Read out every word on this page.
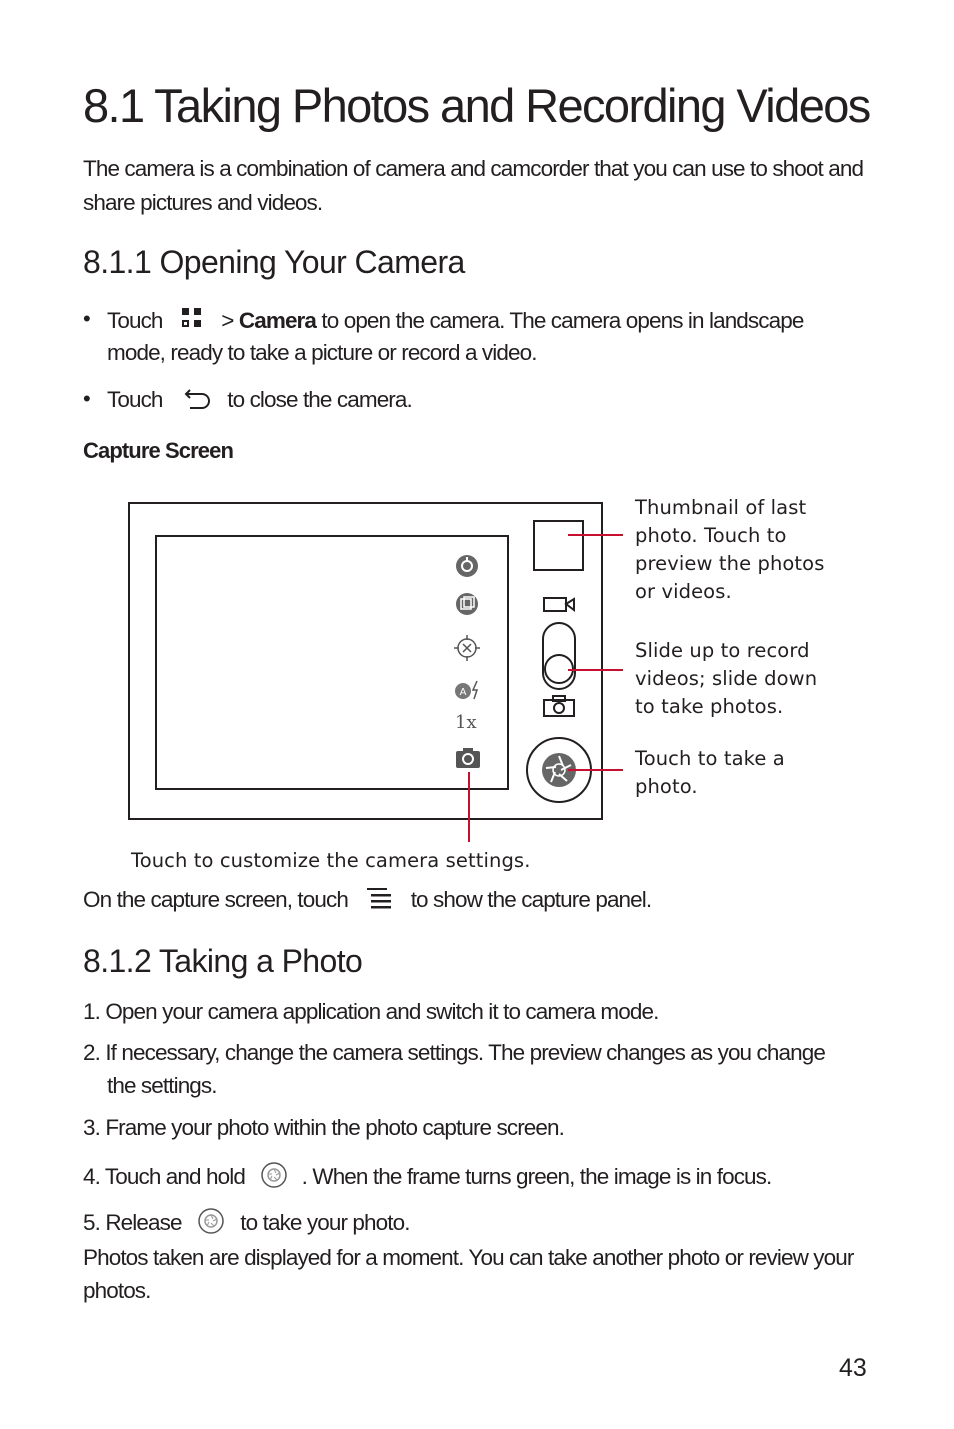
8.1 Taking Photos and Recording Videos

The camera is a combination of camera and camcorder that you can use to shoot and

share pictures and videos.

8.1.1 Opening Your Camera
• Touch	> Camera to open the camera. The camera opens in landscape
mode, ready to take a picture or record a video.
• Touch	to close the camera.
Capture Screen
A
1x
Thumbnail of last
photo. Touch to
preview the photos
or videos.
Slide up to record
videos; slide down
to take photos.
Touch to take a
photo.
Touch to customize the camera settings.
On the capture screen, touch	to show the capture panel.
8.1.2 Taking a Photo
1. Open your camera application and switch it to camera mode.
2. If necessary, change the camera settings. The preview changes as you change
the settings.
3. Frame your photo within the photo capture screen.
4. Touch and hold	. When the frame turns green, the image is in focus.
5. Release	to take your photo.
Photos taken are displayed for a moment. You can take another photo or review your
photos.
43
